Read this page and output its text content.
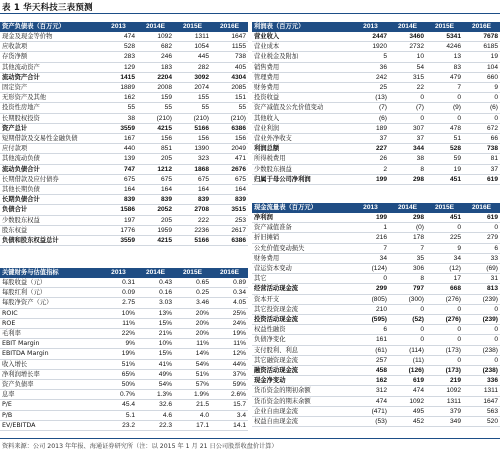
表 1 华天科技三表预测
资产负债表（百万元）	2013	2014E	2015E	2016E
现金及现金等价物	474	1092	1311	1647
应收款项	528	682	1054	1155
存货净额	283	246	445	738
其他流动资产	129	183	282	405
流动资产合计	1415	2204	3092	4304
固定资产	1889	2008	2074	2085
无形资产及其他	162	159	155	151
投资性房地产	55	55	55	55
长期股权投资	38	(210)	(210)	(210)
资产总计	3559	4215	5166	6386
短期借款及交易性金融负债	167	156	156	156
应付款项	440	851	1390	2049
其他流动负债	139	205	323	471
流动负债合计	747	1212	1868	2676
长期借款及应付债券	675	675	675	675
其他长期负债	164	164	164	164
长期负债合计	839	839	839	839
负债合计	1586	2052	2708	3515
少数股东权益	197	205	222	253
股东权益	1776	1959	2236	2617
负债和股东权益总计	3559	4215	5166	6386
关键财务与估值指标	2013	2014E	2015E	2016E
每股收益（元）	0.31	0.43	0.65	0.89
每股红利（元）	0.09	0.16	0.25	0.34
每股净资产（元）	2.75	3.03	3.46	4.05
ROIC	10%	13%	20%	25%
ROE	11%	15%	20%	24%
毛利率	22%	21%	20%	19%
EBIT Margin	9%	10%	11%	11%
EBITDA Margin	19%	15%	14%	12%
收入增长	51%	41%	54%	44%
净利润增长率	65%	49%	51%	37%
资产负债率	50%	54%	57%	59%
息率	0.7%	1.3%	1.9%	2.6%
P/E	45.4	32.6	21.5	15.7
P/B	5.1	4.6	4.0	3.4
EV/EBITDA	23.2	22.3	17.1	14.1
利润表（百万元）	2013	2014E	2015E	2016E
营业收入	2447	3460	5341	7678
营业成本	1920	2732	4246	6185
营业税金及附加	5	10	13	19
销售费用	36	54	83	104
管理费用	242	315	479	660
财务费用	25	22	7	9
投资收益	(13)	0	0	0
资产减值及公允价值变动	(7)	(7)	(9)	(6)
其他收入	(6)	0	0	0
营业利润	189	307	478	672
营业外净收支	37	37	51	66
利润总额	227	344	528	738
所得税费用	26	38	59	81
少数股东损益	2	8	19	37
归属于母公司净利润	199	298	451	619
现金流量表（百万元）	2013	2014E	2015E	2016E
净利润	199	298	451	619
资产减值准备	1	(0)	0	0
折旧摊销	216	178	225	279
公允价值变动损失	7	7	9	6
财务费用	34	35	34	33
营运资本变动	(124)	306	(12)	(69)
其它	0	8	17	31
经营活动现金流	299	797	668	813
资本开支	(805)	(300)	(276)	(239)
其它投资现金流	210	0	0	0
投资活动现金流	(595)	(52)	(276)	(239)
权益性融资	6	0	0	0
负债净变化	161	0	0	0
支付股利、利息	(61)	(114)	(173)	(238)
其它融资现金流	257	(11)	0	0
融资活动现金流	458	(126)	(173)	(238)
现金净变动	162	619	219	336
货币资金的期初余额	312	474	1092	1311
货币资金的期末余额	474	1092	1311	1647
企业自由现金流	(471)	495	379	563
权益自由现金流	(53)	452	349	520
资料来源：公司 2013 年年报、海通证券研究所（注：以 2015 年 1 月 21 日公司股票收盘价计算）
